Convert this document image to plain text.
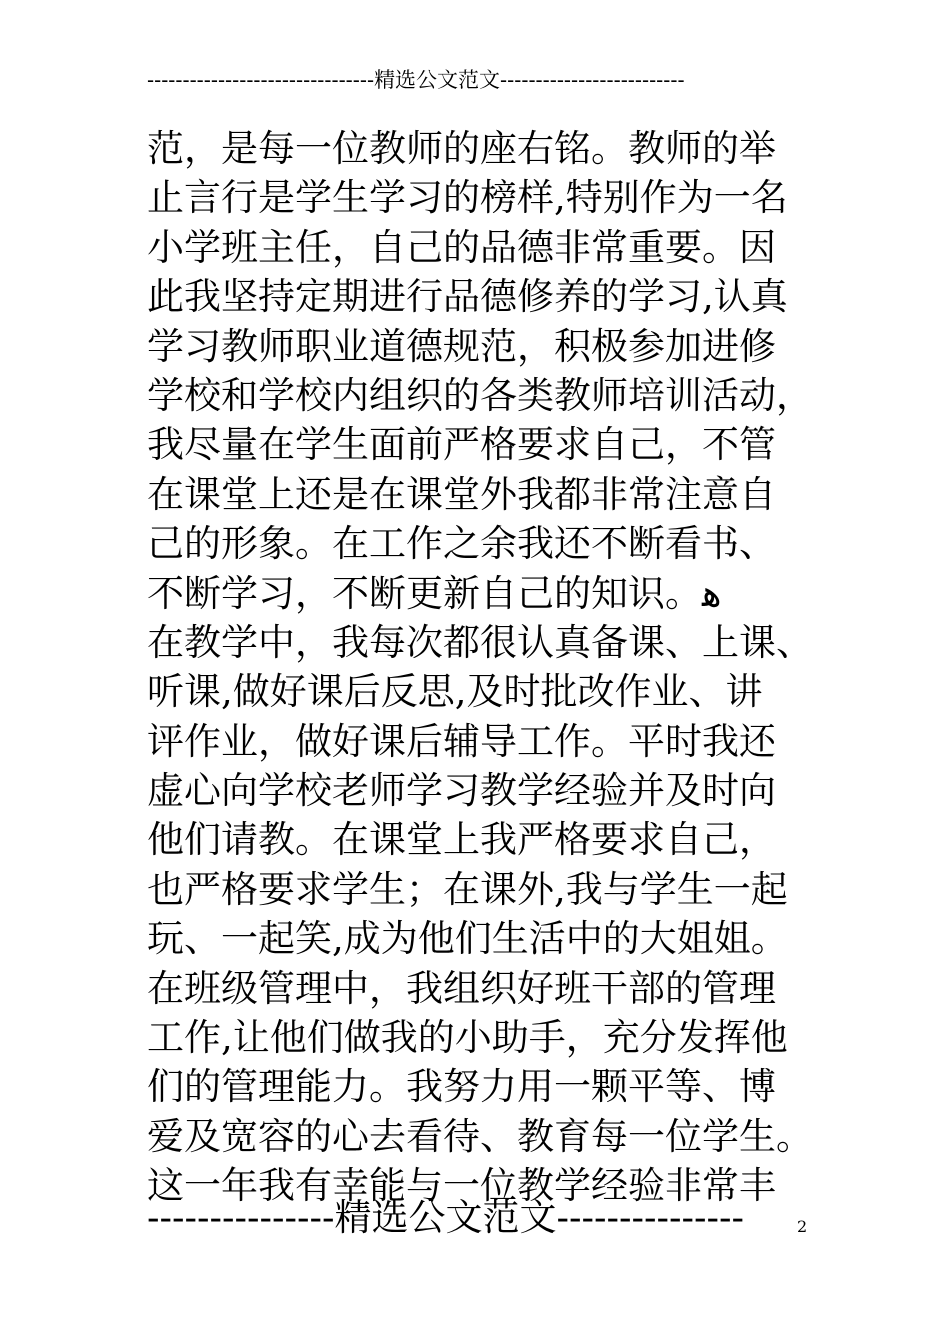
--------------------------------精选公文范文--------------------------
范，是每一位教师的座右铭。教师的举
止言行是学生学习的榜样,特别作为一名
小学班主任，自己的品德非常重要。因
此我坚持定期进行品德修养的学习,认真
学习教师职业道德规范，积极参加进修
学校和学校内组织的各类教师培训活动，
我尽量在学生面前严格要求自己，不管
在课堂上还是在课堂外我都非常注意自
己的形象。在工作之余我还不断看书、
不断学习，不断更新自己的知识。ﻫ
在教学中，我每次都很认真备课、上课、
听课,做好课后反思,及时批改作业、讲
评作业，做好课后辅导工作。平时我还
虚心向学校老师学习教学经验并及时向
他们请教。在课堂上我严格要求自己，
也严格要求学生；在课外,我与学生一起
玩、一起笑,成为他们生活中的大姐姐。
在班级管理中，我组织好班干部的管理
工作,让他们做我的小助手，充分发挥他
们的管理能力。我努力用一颗平等、博
爱及宽容的心去看待、教育每一位学生。
这一年我有幸能与一位教学经验非常丰
---------------精选公文范文---------------	2
